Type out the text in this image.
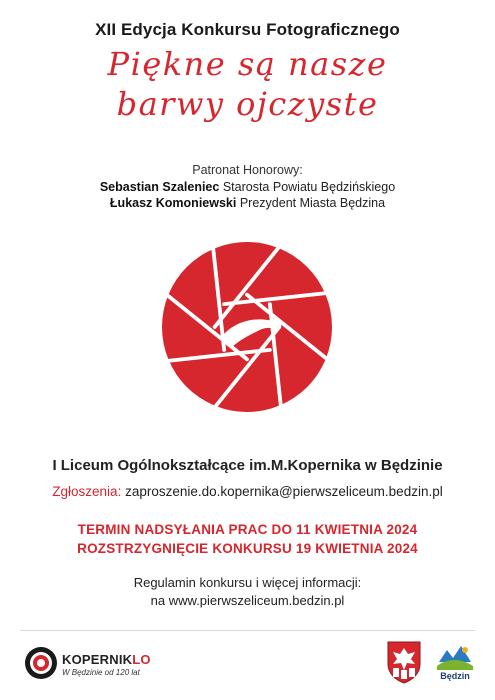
XII Edycja Konkursu Fotograficznego
Piękne są nasze
barwy ojczyste
Patronat Honorowy:
Sebastian Szaleniec Starosta Powiatu Będzińskiego
Łukasz Komoniewski Prezydent Miasta Będzina
I Liceum Ogólnokształcące im.M.Kopernika w Będzinie
Zgłoszenia: zaproszenie.do.kopernika@pierwszeliceum.bedzin.pl
TERMIN NADSYŁANIA PRAC DO 11 KWIETNIA 2024
ROZSTRZYGNIĘCIE KONKURSU 19 KWIETNIA 2024
Regulamin konkursu i więcej informacji:
na www.pierwszeliceum.bedzin.pl
KOPERNIKLO
W Będzinie od 120 lat	Będzin
